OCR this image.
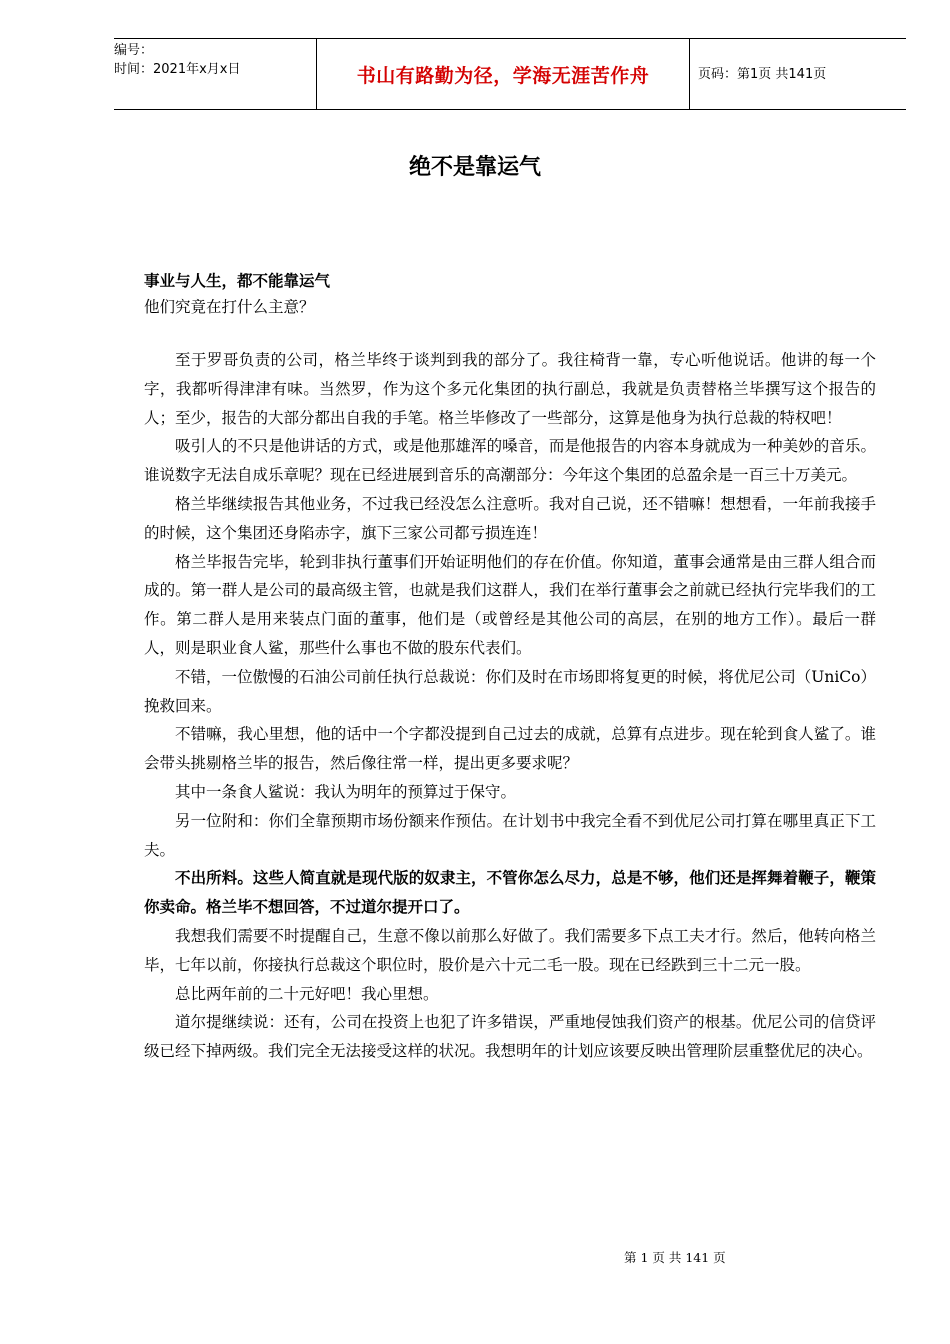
编号：
时间：2021年x月x日	书山有路勤为径，学海无涯苦作舟	页码：第1页 共141页
绝不是靠运气

事业与人生，都不能靠运气

他们究竟在打什么主意？

至于罗哥负责的公司，格兰毕终于谈判到我的部分了。我往椅背一靠，专心听他说话。他讲的每一个字，我都听得津津有味。当然罗，作为这个多元化集团的执行副总，我就是负责替格兰毕撰写这个报告的人；至少，报告的大部分都出自我的手笔。格兰毕修改了一些部分，这算是他身为执行总裁的特权吧！

吸引人的不只是他讲话的方式，或是他那雄浑的嗓音，而是他报告的内容本身就成为一种美妙的音乐。谁说数字无法自成乐章呢？现在已经进展到音乐的高潮部分：今年这个集团的总盈余是一百三十万美元。

格兰毕继续报告其他业务，不过我已经没怎么注意听。我对自己说，还不错嘛！想想看，一年前我接手的时候，这个集团还身陷赤字，旗下三家公司都亏损连连！

格兰毕报告完毕，轮到非执行董事们开始证明他们的存在价值。你知道，董事会通常是由三群人组合而成的。第一群人是公司的最高级主管，也就是我们这群人，我们在举行董事会之前就已经执行完毕我们的工作。第二群人是用来装点门面的董事，他们是（或曾经是其他公司的高层，在别的地方工作）。最后一群人，则是职业食人鲨，那些什么事也不做的股东代表们。

不错，一位傲慢的石油公司前任执行总裁说：你们及时在市场即将复更的时候，将优尼公司（UniCo）挽救回来。

不错嘛，我心里想，他的话中一个字都没提到自己过去的成就，总算有点进步。现在轮到食人鲨了。谁会带头挑剔格兰毕的报告，然后像往常一样，提出更多要求呢？

其中一条食人鲨说：我认为明年的预算过于保守。

另一位附和：你们全靠预期市场份额来作预估。在计划书中我完全看不到优尼公司打算在哪里真正下工夫。

不出所料。这些人简直就是现代版的奴隶主，不管你怎么尽力，总是不够，他们还是挥舞着鞭子，鞭策你卖命。格兰毕不想回答，不过道尔提开口了。

我想我们需要不时提醒自己，生意不像以前那么好做了。我们需要多下点工夫才行。然后，他转向格兰毕，七年以前，你接执行总裁这个职位时，股价是六十元二毛一股。现在已经跌到三十二元一股。

总比两年前的二十元好吧！我心里想。

道尔提继续说：还有，公司在投资上也犯了许多错误，严重地侵蚀我们资产的根基。优尼公司的信贷评级已经下掉两级。我们完全无法接受这样的状况。我想明年的计划应该要反映出管理阶层重整优尼的决心。

第 1 页 共 141 页
